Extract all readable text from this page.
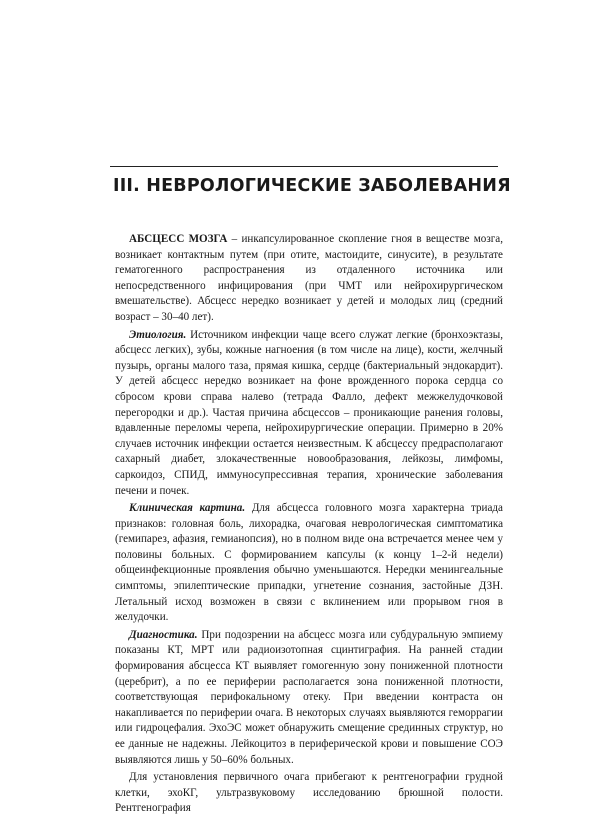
III. НЕВРОЛОГИЧЕСКИЕ ЗАБОЛЕВАНИЯ

АБСЦЕСС МОЗГА – инкапсулированное скопление гноя в веществе мозга, возникает контактным путем (при отите, мастоидите, синуситe), в результате гематогенного распространения из отдаленного источника или непосредственного инфицирования (при ЧМТ или нейрохирургическом вмешательстве). Абсцесс нередко возникает у детей и молодых лиц (средний возраст – 30–40 лет).

Этиология. Источником инфекции чаще всего служат легкие (бронхоэктазы, абсцесс легких), зубы, кожные нагноения (в том числе на лице), кости, желчный пузырь, органы малого таза, прямая кишка, сердце (бактериальный эндокардит). У детей абсцесс нередко возникает на фоне врожденного порока сердца со сбросом крови справа налево (тетрада Фалло, дефект межжелудочковой перегородки и др.). Частая причина абсцессов – проникающие ранения головы, вдавленные переломы черепа, нейрохирургические операции. Примерно в 20% случаев источник инфекции остается неизвестным. К абсцессу предрасполагают сахарный диабет, злокачественные новообразования, лейкозы, лимфомы, саркоидоз, СПИД, иммуносупрессивная терапия, хронические заболевания печени и почек.

Клиническая картина. Для абсцесса головного мозга характерна триада признаков: головная боль, лихорадка, очаговая неврологическая симптоматика (гемипарез, афазия, гемианопсия), но в полном виде она встречается менее чем у половины больных. С формированием капсулы (к концу 1–2-й недели) общеинфекционные проявления обычно уменьшаются. Нередки менингеальные симптомы, эпилептические припадки, угнетение сознания, застойные ДЗН. Летальный исход возможен в связи с вклинением или прорывом гноя в желудочки.

Диагностика. При подозрении на абсцесс мозга или субдуральную эмпиему показаны КТ, МРТ или радиоизотопная сцинтиграфия. На ранней стадии формирования абсцесса КТ выявляет гомогенную зону пониженной плотности (церебрит), а по ее периферии располагается зона пониженной плотности, соответствующая перифокальному отеку. При введении контраста он накапливается по периферии очага. В некоторых случаях выявляются геморрагии или гидроцефалия. ЭхоЭС может обнаружить смещение срединных структур, но ее данные не надежны. Лейкоцитоз в периферической крови и повышение СОЭ выявляются лишь у 50–60% больных.

Для установления первичного очага прибегают к рентгенографии грудной клетки, эхоКГ, ультразвуковому исследованию брюшной полости. Рентгенография
